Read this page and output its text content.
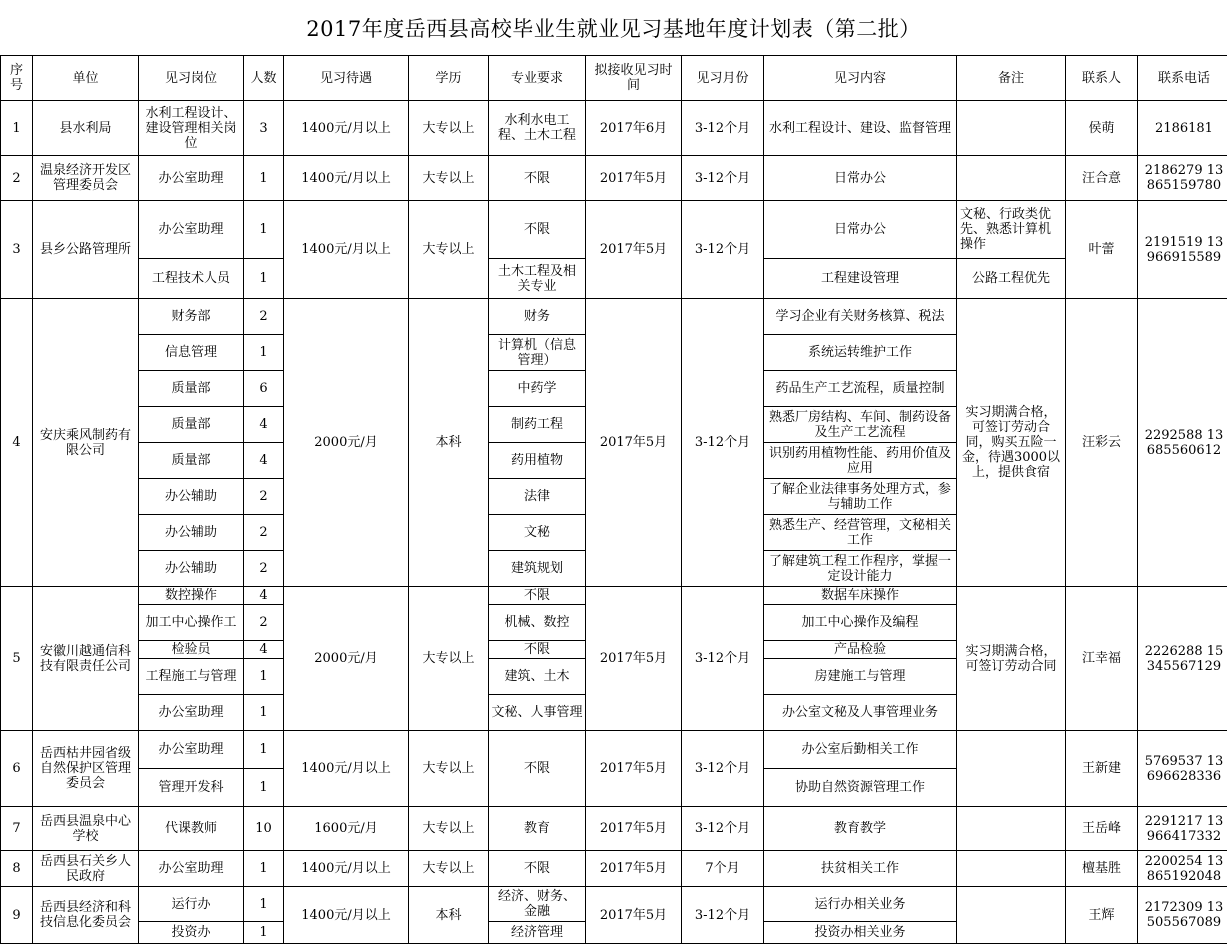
2017年度岳西县高校毕业生就业见习基地年度计划表（第二批）
序号	单位	见习岗位	人数	见习待遇	学历	专业要求	拟接收见习时间	见习月份	见习内容	备注	联系人	联系电话
1	县水利局	水利工程设计、建设管理相关岗位	3	1400元/月以上	大专以上	水利水电工程、土木工程	2017年6月	3-12个月	水利工程设计、建设、监督管理		侯萌	2186181
2	温泉经济开发区管理委员会	办公室助理	1	1400元/月以上	大专以上	不限	2017年5月	3-12个月	日常办公		汪合意	2186279 13865159780
3	县乡公路管理所	办公室助理	1	1400元/月以上	大专以上	不限	2017年5月	3-12个月	日常办公	文秘、行政类优先、熟悉计算机操作	叶蕾	2191519 13966915589
		工程技术人员	1			土木工程及相关专业			工程建设管理	公路工程优先		
4	安庆乘风制药有限公司	财务部	2	2000元/月	本科	财务	2017年5月	3-12个月	学习企业有关财务核算、税法	实习期满合格，可签订劳动合同，购买五险一金，待遇3000以上，提供食宿	汪彩云	2292588 13685560612
		信息管理	1			计算机（信息管理）			系统运转维护工作			
		质量部	6			中药学			药品生产工艺流程，质量控制			
		质量部	4			制药工程			熟悉厂房结构、车间、制药设备及生产工艺流程			
		质量部	4			药用植物			识别药用植物性能、药用价值及应用			
		办公辅助	2			法律			了解企业法律事务处理方式，参与辅助工作			
		办公辅助	2			文秘			熟悉生产、经营管理，文秘相关工作			
		办公辅助	2			建筑规划			了解建筑工程工作程序，掌握一定设计能力			
5	安徽川越通信科技有限责任公司	数控操作	4	2000元/月	大专以上	不限	2017年5月	3-12个月	数据车床操作	实习期满合格，可签订劳动合同	江幸福	2226288 15345567129
		加工中心操作工	2			机械、数控			加工中心操作及编程			
		检验员	4			不限			产品检验			
		工程施工与管理	1			建筑、土木			房建施工与管理			
		办公室助理	1			文秘、人事管理			办公室文秘及人事管理业务			
6	岳西枯井园省级自然保护区管理委员会	办公室助理	1	1400元/月以上	大专以上	不限	2017年5月	3-12个月	办公室后勤相关工作		王新建	5769537 13696628336
		管理开发科	1						协助自然资源管理工作			
7	岳西县温泉中心学校	代课教师	10	1600元/月	大专以上	教育	2017年5月	3-12个月	教育教学		王岳峰	2291217 13966417332
8	岳西县石关乡人民政府	办公室助理	1	1400元/月以上	大专以上	不限	2017年5月	7个月	扶贫相关工作		檀基胜	2200254 13865192048
9	岳西县经济和科技信息化委员会	运行办	1	1400元/月以上	本科	经济、财务、金融	2017年5月	3-12个月	运行办相关业务		王辉	2172309 13505567089
		投资办	1			经济管理			投资办相关业务			
